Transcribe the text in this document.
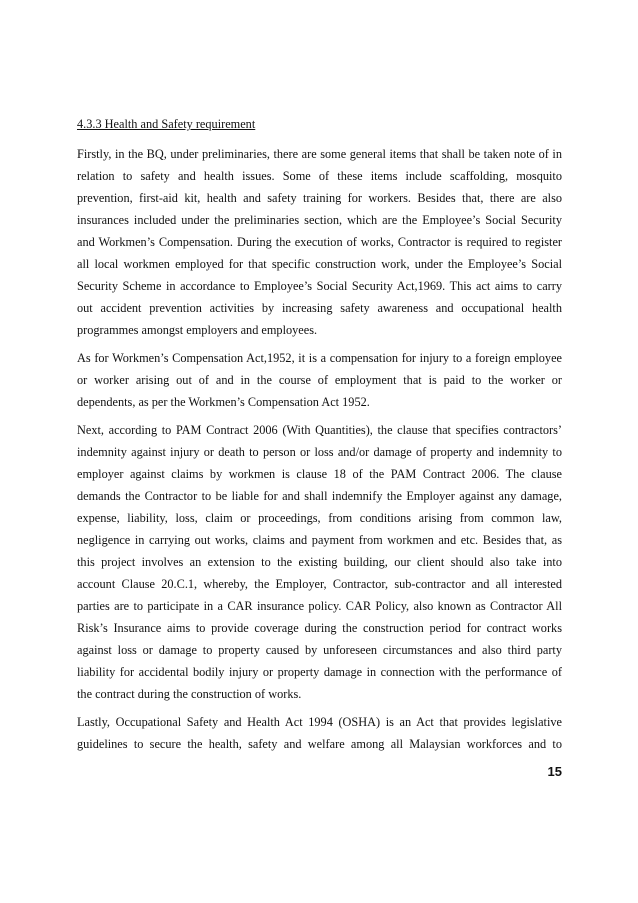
4.3.3 Health and Safety requirement
Firstly, in the BQ, under preliminaries, there are some general items that shall be taken note of in
relation to safety and health issues. Some of these items include scaffolding, mosquito
prevention, first-aid kit, health and safety training for workers. Besides that, there are also
insurances included under the preliminaries section, which are the Employee’s Social Security
and Workmen’s Compensation. During the execution of works, Contractor is required to register
all local workmen employed for that specific construction work, under the Employee’s Social
Security Scheme in accordance to Employee’s Social Security Act,1969. This act aims to carry
out accident prevention activities by increasing safety awareness and occupational health
programmes amongst employers and employees.
As for Workmen’s Compensation Act,1952, it is a compensation for injury to a foreign employee
or worker arising out of and in the course of employment that is paid to the worker or
dependents, as per the Workmen’s Compensation Act 1952.
Next, according to PAM Contract 2006 (With Quantities), the clause that specifies contractors’
indemnity against injury or death to person or loss and/or damage of property and indemnity to
employer against claims by workmen is clause 18 of the PAM Contract 2006. The clause
demands the Contractor to be liable for and shall indemnify the Employer against any damage,
expense, liability, loss, claim or proceedings, from conditions arising from common law,
negligence in carrying out works, claims and payment from workmen and etc. Besides that, as
this project involves an extension to the existing building, our client should also take into
account Clause 20.C.1, whereby, the Employer, Contractor, sub-contractor and all interested
parties are to participate in a CAR insurance policy. CAR Policy, also known as Contractor All
Risk’s Insurance aims to provide coverage during the construction period for contract works
against loss or damage to property caused by unforeseen circumstances and also third party
liability for accidental bodily injury or property damage in connection with the performance of
the contract during the construction of works.
Lastly, Occupational Safety and Health Act 1994 (OSHA) is an Act that provides legislative
guidelines to secure the health, safety and welfare among all Malaysian workforces and to
15
